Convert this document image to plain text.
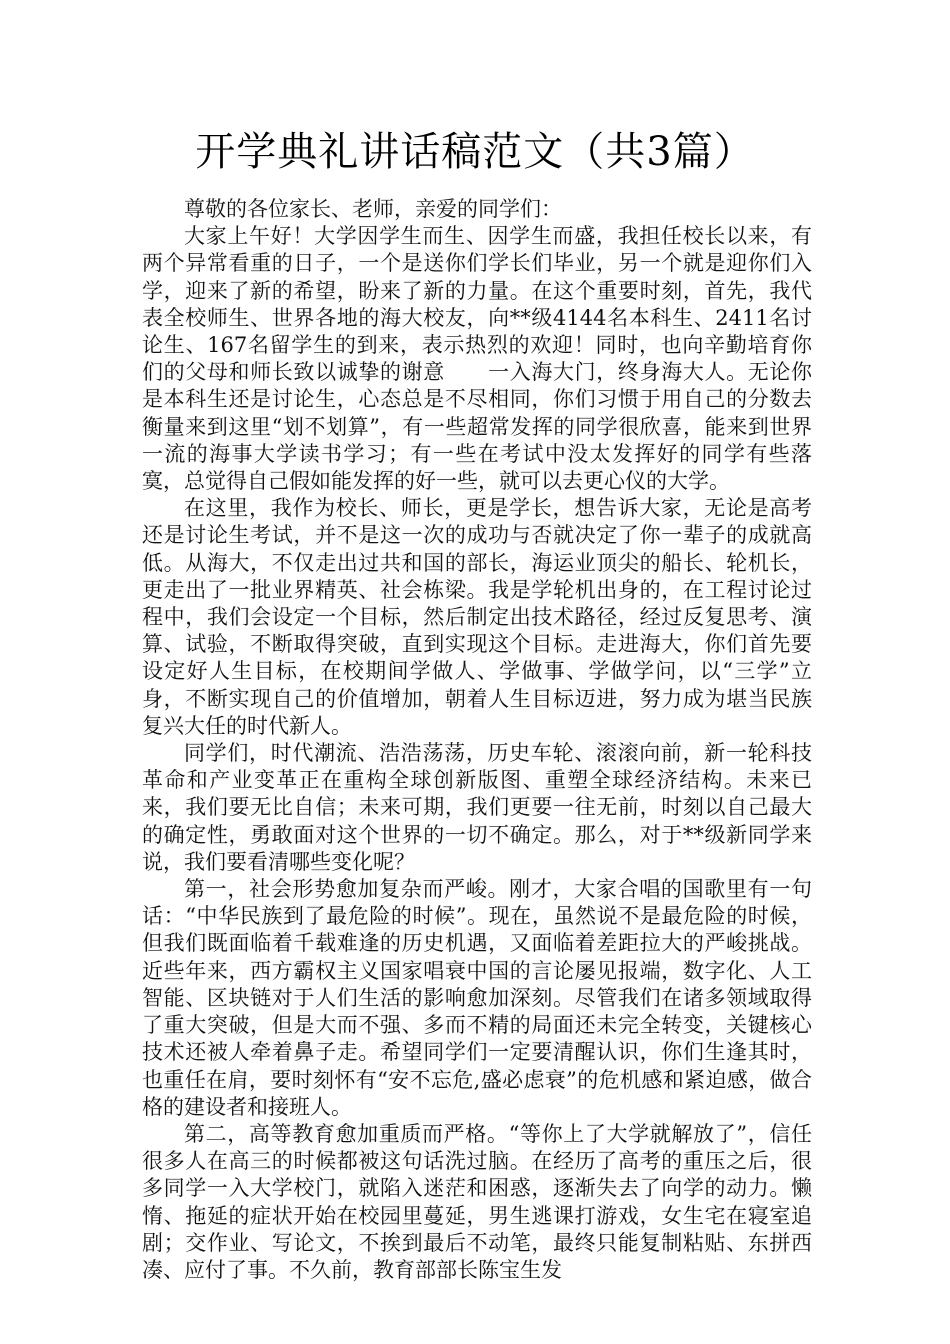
开学典礼讲话稿范文（共3篇）

尊敬的各位家长、老师，亲爱的同学们：

大家上午好！大学因学生而生、因学生而盛，我担任校长以来，有两个异常看重的日子，一个是送你们学长们毕业，另一个就是迎你们入学，迎来了新的希望，盼来了新的力量。在这个重要时刻，首先，我代表全校师生、世界各地的海大校友，向**级4144名本科生、2411名讨论生、167名留学生的到来，表示热烈的欢迎！同时，也向辛勤培育你们的父母和师长致以诚挚的谢意　　一入海大门，终身海大人。无论你是本科生还是讨论生，心态总是不尽相同，你们习惯于用自己的分数去衡量来到这里“划不划算”，有一些超常发挥的同学很欣喜，能来到世界一流的海事大学读书学习；有一些在考试中没太发挥好的同学有些落寞，总觉得自己假如能发挥的好一些，就可以去更心仪的大学。

在这里，我作为校长、师长，更是学长，想告诉大家，无论是高考还是讨论生考试，并不是这一次的成功与否就决定了你一辈子的成就高低。从海大，不仅走出过共和国的部长，海运业顶尖的船长、轮机长，更走出了一批业界精英、社会栋梁。我是学轮机出身的，在工程讨论过程中，我们会设定一个目标，然后制定出技术路径，经过反复思考、演算、试验，不断取得突破，直到实现这个目标。走进海大，你们首先要设定好人生目标，在校期间学做人、学做事、学做学问，以“三学”立身，不断实现自己的价值增加，朝着人生目标迈进，努力成为堪当民族复兴大任的时代新人。

同学们，时代潮流、浩浩荡荡，历史车轮、滚滚向前，新一轮科技革命和产业变革正在重构全球创新版图、重塑全球经济结构。未来已来，我们要无比自信；未来可期，我们更要一往无前，时刻以自己最大的确定性，勇敢面对这个世界的一切不确定。那么，对于**级新同学来说，我们要看清哪些变化呢？

第一，社会形势愈加复杂而严峻。刚才，大家合唱的国歌里有一句话：“中华民族到了最危险的时候”。现在，虽然说不是最危险的时候，但我们既面临着千载难逢的历史机遇，又面临着差距拉大的严峻挑战。近些年来，西方霸权主义国家唱衰中国的言论屡见报端，数字化、人工智能、区块链对于人们生活的影响愈加深刻。尽管我们在诸多领域取得了重大突破，但是大而不强、多而不精的局面还未完全转变，关键核心技术还被人牵着鼻子走。希望同学们一定要清醒认识，你们生逢其时，也重任在肩，要时刻怀有“安不忘危,盛必虑衰”的危机感和紧迫感，做合格的建设者和接班人。

第二，高等教育愈加重质而严格。“等你上了大学就解放了”，信任很多人在高三的时候都被这句话洗过脑。在经历了高考的重压之后，很多同学一入大学校门，就陷入迷茫和困惑，逐渐失去了向学的动力。懒惰、拖延的症状开始在校园里蔓延，男生逃课打游戏，女生宅在寝室追剧；交作业、写论文，不挨到最后不动笔，最终只能复制粘贴、东拼西凑、应付了事。不久前，教育部部长陈宝生发
